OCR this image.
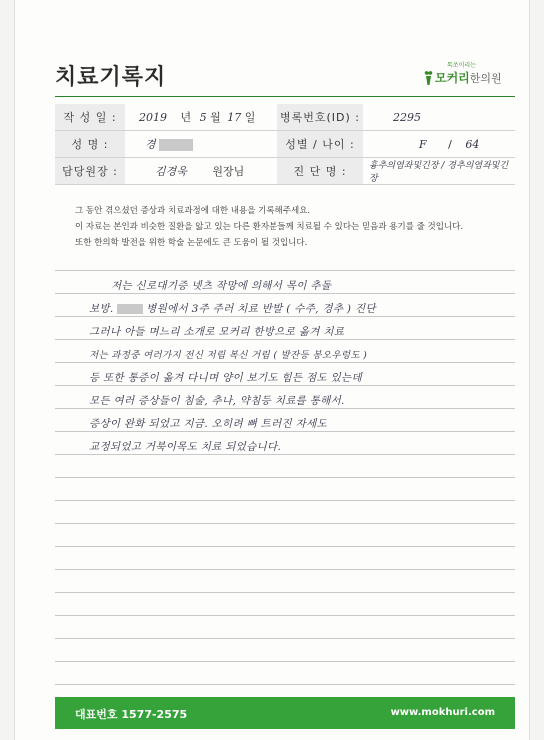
치료기록지	톡쏘이리는
모커리한의원
작 성 일 :	2019 년 5 월 17 일	병록번호(ID) :	2295
성 명 :	경	성별 / 나이 :	F / 64
담당원장 :	김경욱 원장님	진 단 명 :	흉추의염좌및긴장 / 경추의염좌및긴장
그 동안 겪으셨던 증상과 치료과정에 대한 내용을 기록해주세요.
이 자료는 본인과 비슷한 질환을 앓고 있는 다른 환자분들께 치료될 수 있다는 믿음과 용기를 줄 것입니다.
또한 한의학 발전을 위한 학술 논문에도 큰 도움이 될 것입니다.
저는 신로대기증 넷츠 작망에 의해서 목이 추돌
보방.	병원에서 3주 주러 치료 반발 ( 수주, 경추 ) 진단
그러나 아들 며느리 소개로 모커리 한방으로 옮겨 치료
저는 과정중 여러가지 전신 저림 복신 거림 ( 발잔등 봉오우렁도 )
등 또한 통증이 옮겨 다니며 양이 보기도 힘든 점도 있는데
모든 여러 증상들이 침술, 추나, 약침등 치료를 통해서.
증상이 완화 되었고 지금. 오히려 뼈 트러진 자세도
교정되었고 거북이목도 치료 되었습니다.
대표번호 1577-2575	www.mokhuri.com
